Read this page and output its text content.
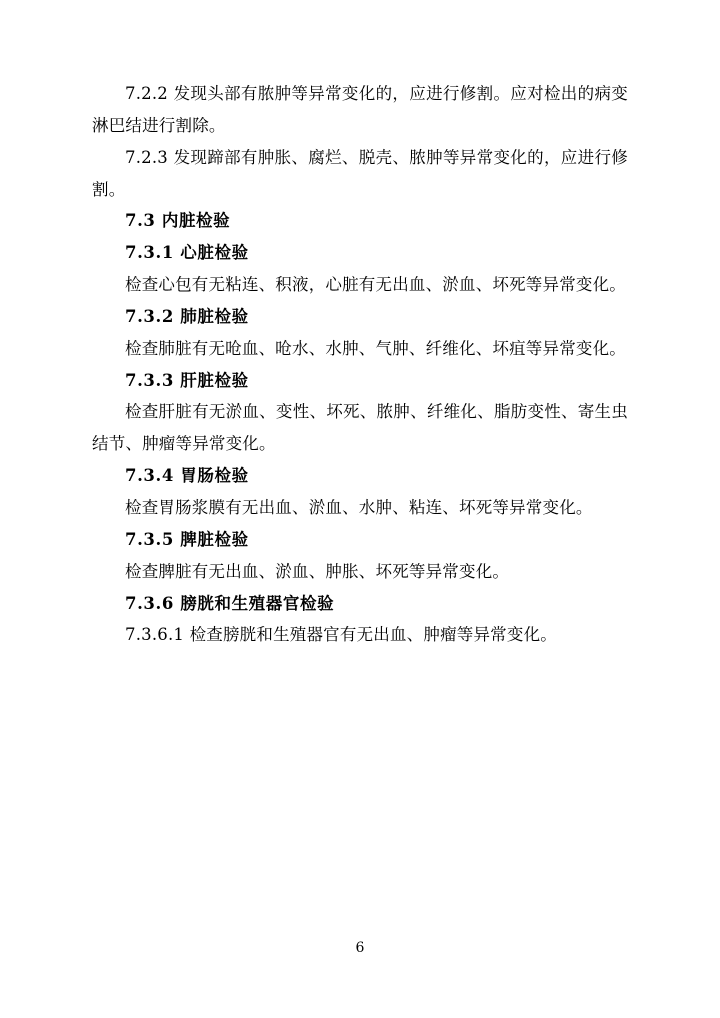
7.2.2 发现头部有脓肿等异常变化的，应进行修割。应对检出的病变淋巴结进行割除。

7.2.3 发现蹄部有肿胀、腐烂、脱壳、脓肿等异常变化的，应进行修割。

7.3 内脏检验

7.3.1 心脏检验

检查心包有无粘连、积液，心脏有无出血、淤血、坏死等异常变化。

7.3.2 肺脏检验

检查肺脏有无呛血、呛水、水肿、气肿、纤维化、坏疽等异常变化。

7.3.3 肝脏检验

检查肝脏有无淤血、变性、坏死、脓肿、纤维化、脂肪变性、寄生虫结节、肿瘤等异常变化。

7.3.4 胃肠检验

检查胃肠浆膜有无出血、淤血、水肿、粘连、坏死等异常变化。

7.3.5 脾脏检验

检查脾脏有无出血、淤血、肿胀、坏死等异常变化。

7.3.6 膀胱和生殖器官检验

7.3.6.1 检查膀胱和生殖器官有无出血、肿瘤等异常变化。

6
